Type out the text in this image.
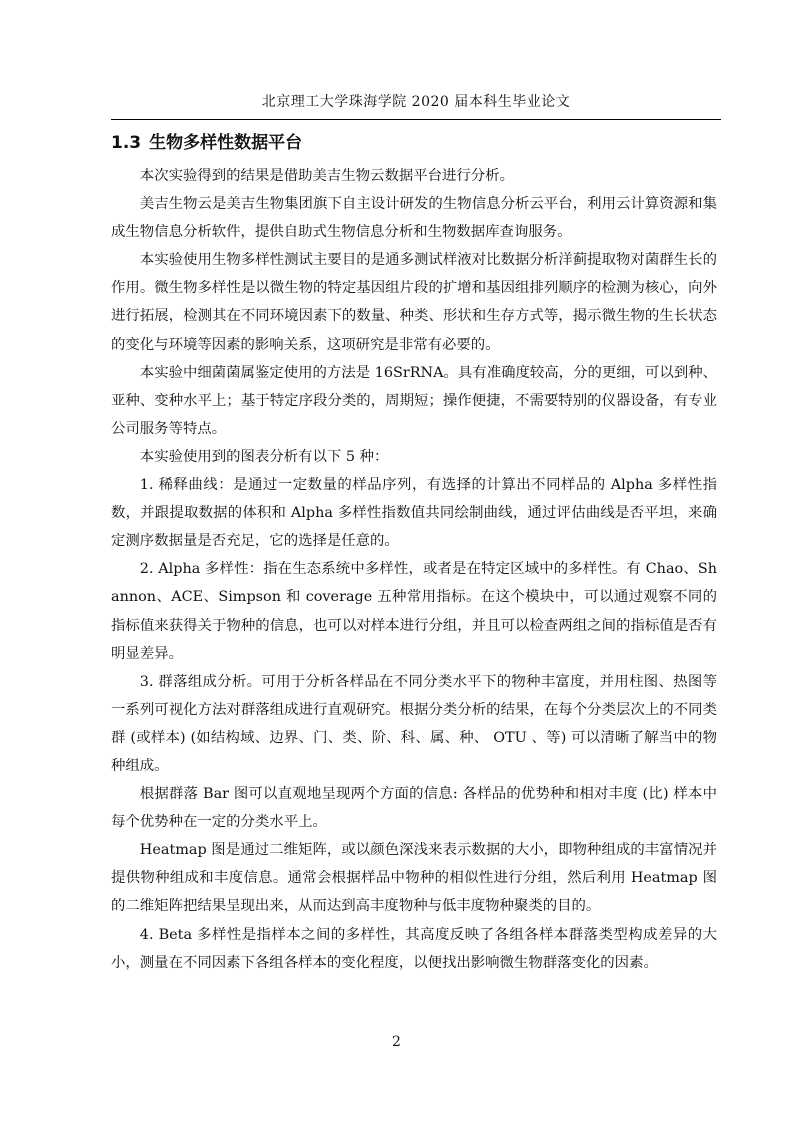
北京理工大学珠海学院 2020 届本科生毕业论文
1.3 生物多样性数据平台

本次实验得到的结果是借助美吉生物云数据平台进行分析。

美吉生物云是美吉生物集团旗下自主设计研发的生物信息分析云平台，利用云计算资源和集成生物信息分析软件，提供自助式生物信息分析和生物数据库查询服务。

本实验使用生物多样性测试主要目的是通多测试样液对比数据分析洋蓟提取物对菌群生长的作用。微生物多样性是以微生物的特定基因组片段的扩增和基因组排列顺序的检测为核心，向外进行拓展，检测其在不同环境因素下的数量、种类、形状和生存方式等，揭示微生物的生长状态的变化与环境等因素的影响关系，这项研究是非常有必要的。

本实验中细菌菌属鉴定使用的方法是 16SrRNA。具有准确度较高，分的更细，可以到种、亚种、变种水平上；基于特定序段分类的，周期短；操作便捷，不需要特别的仪器设备，有专业公司服务等特点。

本实验使用到的图表分析有以下 5 种：

1. 稀释曲线：是通过一定数量的样品序列，有选择的计算出不同样品的 Alpha 多样性指数，并跟提取数据的体积和 Alpha 多样性指数值共同绘制曲线，通过评估曲线是否平坦，来确定测序数据量是否充足，它的选择是任意的。

2. Alpha 多样性：指在生态系统中多样性，或者是在特定区域中的多样性。有 Chao、Shannon、ACE、Simpson 和 coverage 五种常用指标。在这个模块中，可以通过观察不同的指标值来获得关于物种的信息，也可以对样本进行分组，并且可以检查两组之间的指标值是否有明显差异。

3. 群落组成分析。可用于分析各样品在不同分类水平下的物种丰富度，并用柱图、热图等一系列可视化方法对群落组成进行直观研究。根据分类分析的结果，在每个分类层次上的不同类群 (或样本) (如结构域、边界、门、类、阶、科、属、种、 OTU 、等) 可以清晰了解当中的物种组成。

根据群落 Bar 图可以直观地呈现两个方面的信息: 各样品的优势种和相对丰度 (比) 样本中每个优势种在一定的分类水平上。

Heatmap 图是通过二维矩阵，或以颜色深浅来表示数据的大小，即物种组成的丰富情况并提供物种组成和丰度信息。通常会根据样品中物种的相似性进行分组，然后利用 Heatmap 图的二维矩阵把结果呈现出来，从而达到高丰度物种与低丰度物种聚类的目的。

4. Beta 多样性是指样本之间的多样性，其高度反映了各组各样本群落类型构成差异的大小，测量在不同因素下各组各样本的变化程度，以便找出影响微生物群落变化的因素。

2
